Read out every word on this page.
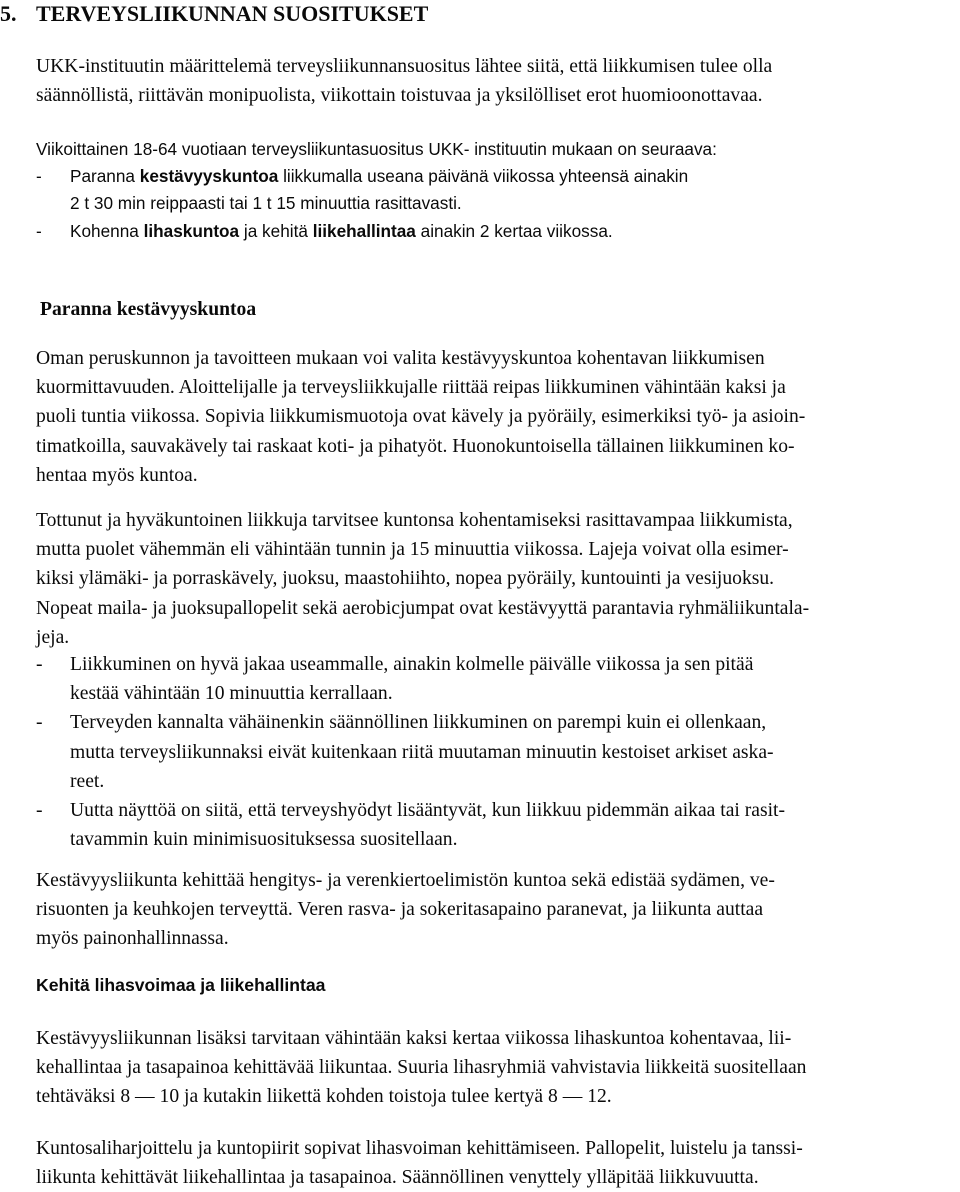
5. TERVEYSLIIKUNNAN SUOSITUKSET
UKK-instituutin määrittelemä terveysliikunnansuositus lähtee siitä, että liikkumisen tulee olla
säännöllistä, riittävän monipuolista, viikottain toistuvaa ja yksilölliset erot huomioonottavaa.
Viikoittainen 18-64 vuotiaan terveysliikuntasuositus UKK- instituutin mukaan on seuraava:
- Paranna kestävyyskuntoa liikkumalla useana päivänä viikossa yhteensä ainakin
2 t 30 min reippaasti tai 1 t 15 minuuttia rasittavasti.
- Kohenna lihaskuntoa ja kehitä liikehallintaa ainakin 2 kertaa viikossa.
Paranna kestävyyskuntoa
Oman peruskunnon ja tavoitteen mukaan voi valita kestävyyskuntoa kohentavan liikkumisen
kuormittavuuden. Aloittelijalle ja terveysliikkujalle riittää reipas liikkuminen vähintään kaksi ja
puoli tuntia viikossa. Sopivia liikkumismuotoja ovat kävely ja pyöräily, esimerkiksi työ- ja asioin-
timatkoilla, sauvakävely tai raskaat koti- ja pihatyöt. Huonokuntoisella tällainen liikkuminen ko-
hentaa myös kuntoa.
Tottunut ja hyväkuntoinen liikkuja tarvitsee kuntonsa kohentamiseksi rasittavampaa liikkumista,
mutta puolet vähemmän eli vähintään tunnin ja 15 minuuttia viikossa. Lajeja voivat olla esimer-
kiksi ylämäki- ja porraskävely, juoksu, maastohiihto, nopea pyöräily, kuntouinti ja vesijuoksu.
Nopeat maila- ja juoksupallopelit sekä aerobicjumpat ovat kestävyyttä parantavia ryhmäliikuntala-
jeja.
- Liikkuminen on hyvä jakaa useammalle, ainakin kolmelle päivälle viikossa ja sen pitää
kestää vähintään 10 minuuttia kerrallaan.
- Terveyden kannalta vähäinenkin säännöllinen liikkuminen on parempi kuin ei ollenkaan,
mutta terveysliikunnaksi eivät kuitenkaan riitä muutaman minuutin kestoiset arkiset aska-
reet.
- Uutta näyttöä on siitä, että terveyshyödyt lisääntyvät, kun liikkuu pidemmän aikaa tai rasit-
tavammin kuin minimisuosituksessa suositellaan.
Kestävyysliikunta kehittää hengitys- ja verenkiertoelimistön kuntoa sekä edistää sydämen, ve-
risuonten ja keuhkojen terveyttä. Veren rasva- ja sokeritasapaino paranevat, ja liikunta auttaa
myös painonhallinnassa.
Kehitä lihasvoimaa ja liikehallintaa
Kestävyysliikunnan lisäksi tarvitaan vähintään kaksi kertaa viikossa lihaskuntoa kohentavaa, lii-
kehallintaa ja tasapainoa kehittävää liikuntaa. Suuria lihasryhmiä vahvistavia liikkeitä suositellaan
tehtäväksi 8 — 10 ja kutakin liikettä kohden toistoja tulee kertyä 8 — 12.
Kuntosaliharjoittelu ja kuntopiirit sopivat lihasvoiman kehittämiseen. Pallopelit, luistelu ja tanssi-
liikunta kehittävät liikehallintaa ja tasapainoa. Säännöllinen venyttely ylläpitää liikkuvuutta.
